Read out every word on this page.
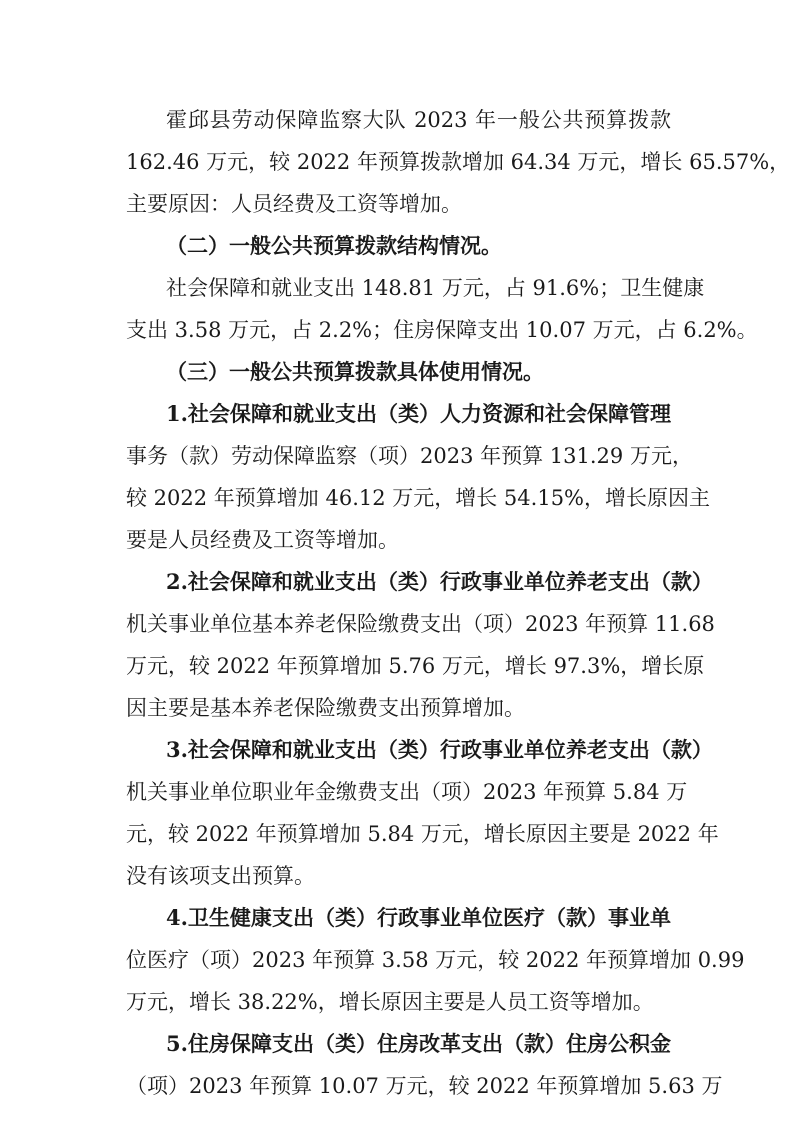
霍邱县劳动保障监察大队 2023 年一般公共预算拨款
162.46 万元，较 2022 年预算拨款增加 64.34 万元，增长 65.57%，
主要原因：人员经费及工资等增加。
（二）一般公共预算拨款结构情况。
社会保障和就业支出 148.81 万元，占 91.6%；卫生健康
支出 3.58 万元，占 2.2%；住房保障支出 10.07 万元，占 6.2%。
（三）一般公共预算拨款具体使用情况。
1.社会保障和就业支出（类）人力资源和社会保障管理
事务（款）劳动保障监察（项）2023 年预算 131.29 万元，
较 2022 年预算增加 46.12 万元，增长 54.15%，增长原因主
要是人员经费及工资等增加。
2.社会保障和就业支出（类）行政事业单位养老支出（款）
机关事业单位基本养老保险缴费支出（项）2023 年预算 11.68
万元，较 2022 年预算增加 5.76 万元，增长 97.3%，增长原
因主要是基本养老保险缴费支出预算增加。
3.社会保障和就业支出（类）行政事业单位养老支出（款）
机关事业单位职业年金缴费支出（项）2023 年预算 5.84 万
元，较 2022 年预算增加 5.84 万元，增长原因主要是 2022 年
没有该项支出预算。
4.卫生健康支出（类）行政事业单位医疗（款）事业单
位医疗（项）2023 年预算 3.58 万元，较 2022 年预算增加 0.99
万元，增长 38.22%，增长原因主要是人员工资等增加。
5.住房保障支出（类）住房改革支出（款）住房公积金
（项）2023 年预算 10.07 万元，较 2022 年预算增加 5.63 万
